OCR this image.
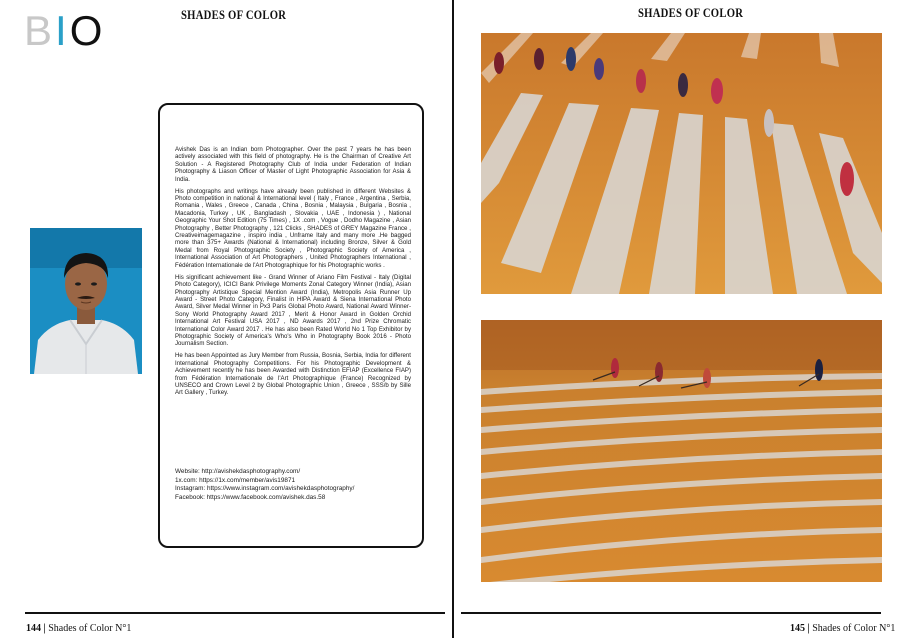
BIO	SHADES OF COLOR

Avishek Das is an Indian born Photographer. Over the past 7 years he has been actively associated with this field of photography. He is the Chairman of Creative Art Solution - A Registered Photography Club of India under Federation of Indian Photography & Liason Officer of Master of Light Photographic Association for Asia & India.

His photographs and writings have already been published in different Websites & Photo competition in national & International level ( Italy , France , Argentina , Serbia, Romania , Wales , Greece , Canada , China , Bosnia , Malaysia , Bulgaria , Bosnia , Macadonia, Turkey , UK , Bangladash , Slovakia , UAE , Indonesia ) , National Geographic Your Shot Edition (75 Times) , 1X .com , Vogue , Dodho Magazine , Asian Photography , Better Photography , 121 Clicks , SHADES of GREY Magazine France , Creativeimagemagazine , inspiro india , Unframe Italy and many more .He bagged more than 375+ Awards (National & International) including Bronze, Silver & Gold Medal from Royal Photographic Society , Photographic Society of America , International Association of Art Photographers , United Photographers International , Fédération Internationale de l'Art Photographique for his Photographic works .

His significant achievement like - Grand Winner of Ariano Film Festival - Italy (Digital Photo Category), ICICI Bank Privilege Moments Zonal Category Winner (India), Asian Photography Artistique Special Mention Award (India), Metropolis Asia Runner Up Award - Street Photo Category, Finalist in HIPA Award & Siena International Photo Award, Silver Medal Winner in Px3 Paris Global Photo Award, National Award Winner- Sony World Photography Award 2017 , Merit & Honor Award in Golden Orchid International Art Festival USA 2017 , ND Awards 2017 , 2nd Prize Chromatic International Color Award 2017 . He has also been Rated World No 1 Top Exhibitor by Photographic Society of America's Who's Who in Photography Book 2016 - Photo Journalism Section.

He has been Appointed as Jury Member from Russia, Bosnia, Serbia, India for different International Photography Competitions. For his Photographic Development & Achievement recently he has been Awarded with Distinction EFIAP (Excellence FIAP) from Fédération Internationale de l'Art Photographique (France) Recognized by UNSECO and Crown Level 2 by Global Photographic Union , Greece , SSS/b by Sille Art Gallery , Turkey.

Website: http://avishekdasphotography.com/
1x.com: https://1x.com/member/avis19871
Instagram: https://www.instagram.com/avishekdasphotography/
Facebook: https://www.facebook.com/avishek.das.58
144 | Shades of Color N°1
SHADES OF COLOR
145 | Shades of Color N°1
